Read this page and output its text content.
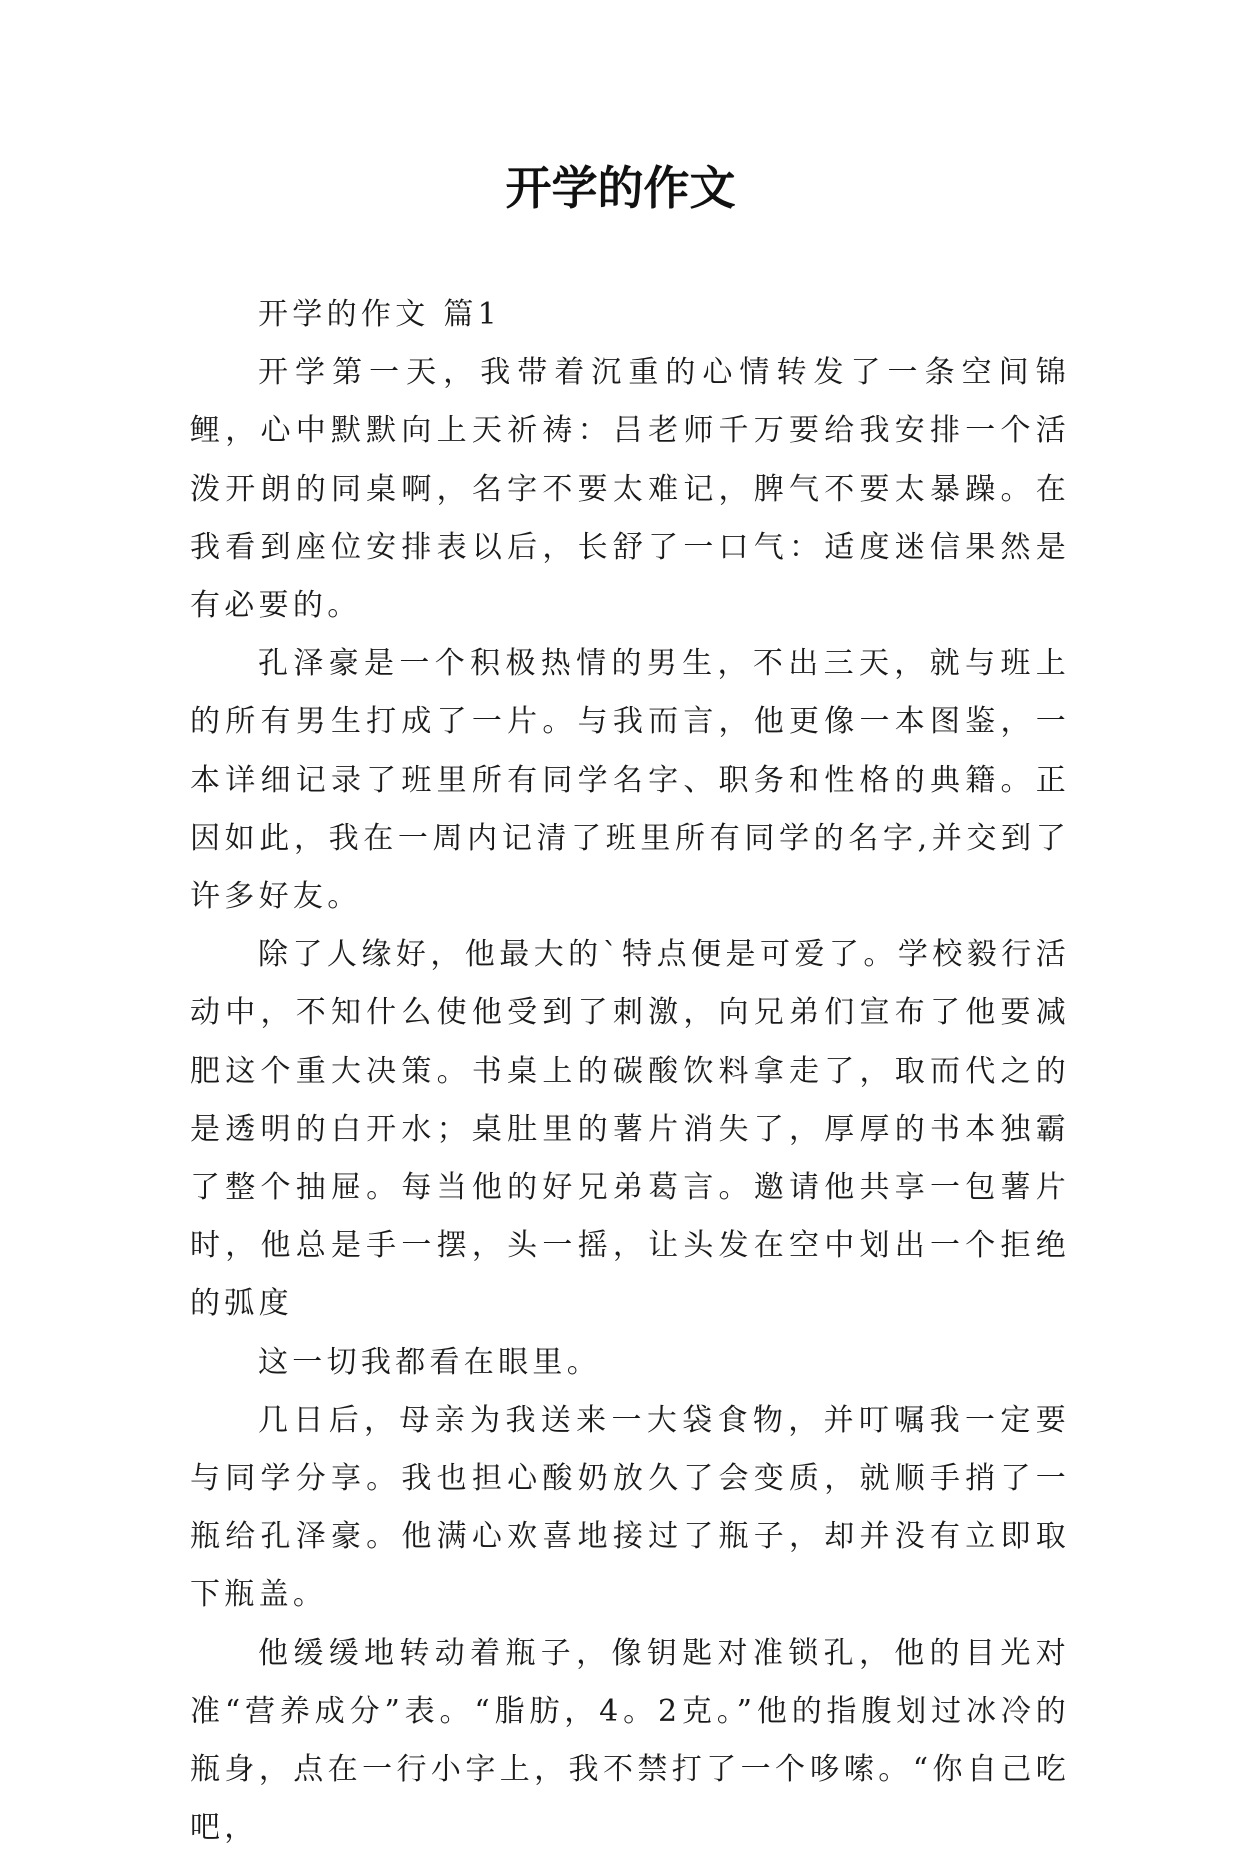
开学的作文

开学的作文 篇1

开学第一天，我带着沉重的心情转发了一条空间锦鲤，心中默默向上天祈祷：吕老师千万要给我安排一个活泼开朗的同桌啊，名字不要太难记，脾气不要太暴躁。在我看到座位安排表以后，长舒了一口气：适度迷信果然是有必要的。

孔泽豪是一个积极热情的男生，不出三天，就与班上的所有男生打成了一片。与我而言，他更像一本图鉴，一本详细记录了班里所有同学名字、职务和性格的典籍。正因如此，我在一周内记清了班里所有同学的名字,并交到了许多好友。

除了人缘好，他最大的`特点便是可爱了。学校毅行活动中，不知什么使他受到了刺激，向兄弟们宣布了他要减肥这个重大决策。书桌上的碳酸饮料拿走了，取而代之的是透明的白开水；桌肚里的薯片消失了，厚厚的书本独霸了整个抽屉。每当他的好兄弟葛言。邀请他共享一包薯片时，他总是手一摆，头一摇，让头发在空中划出一个拒绝的弧度

这一切我都看在眼里。

几日后，母亲为我送来一大袋食物，并叮嘱我一定要与同学分享。我也担心酸奶放久了会变质，就顺手捎了一瓶给孔泽豪。他满心欢喜地接过了瓶子，却并没有立即取下瓶盖。

他缓缓地转动着瓶子，像钥匙对准锁孔，他的目光对准“营养成分”表。“脂肪，4。2克。”他的指腹划过冰冷的瓶身，点在一行小字上，我不禁打了一个哆嗦。“你自己吃吧，
